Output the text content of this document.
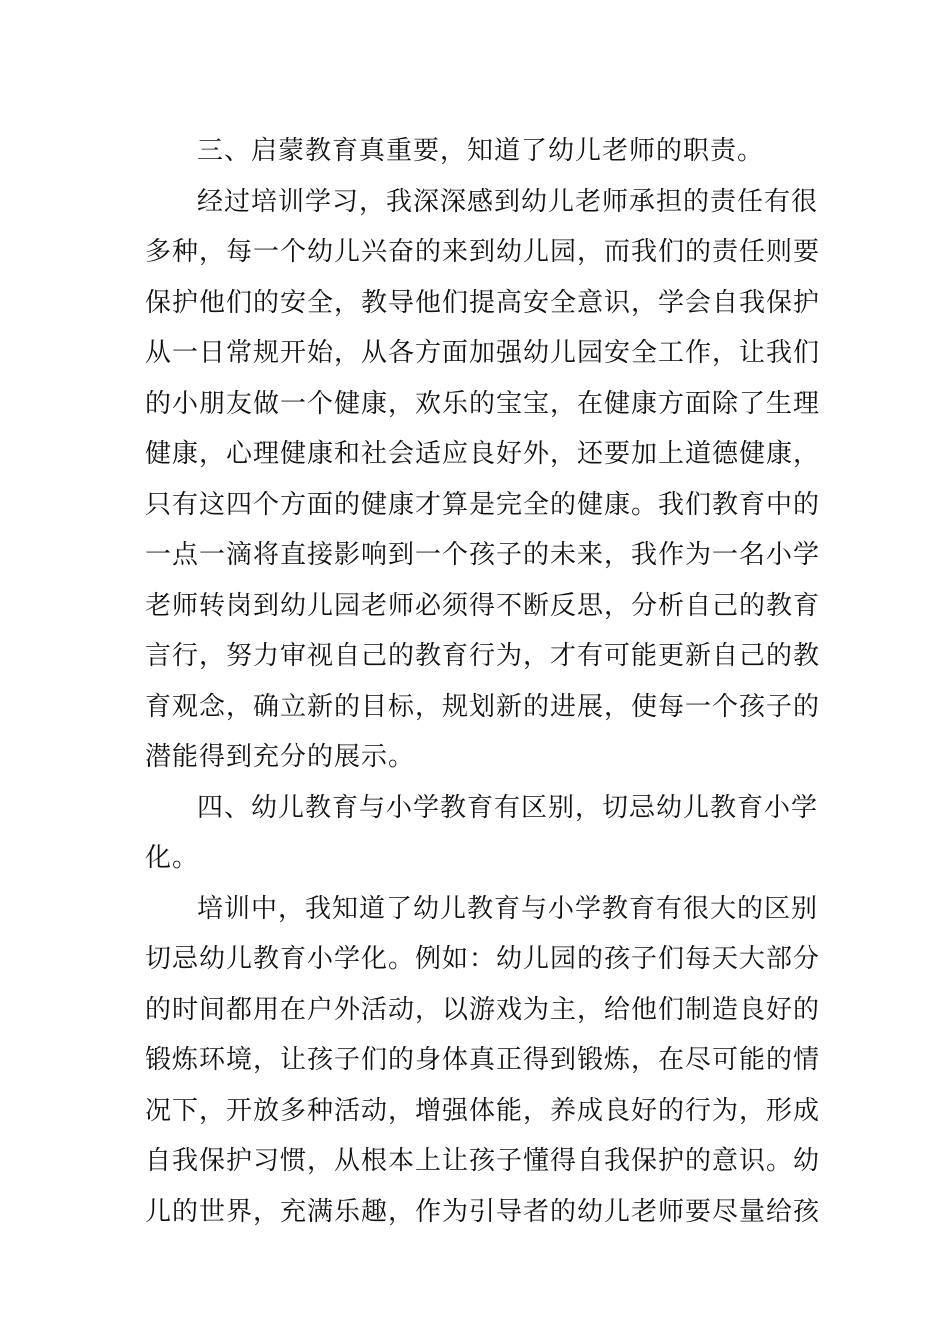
三、启蒙教育真重要，知道了幼儿老师的职责。
经过培训学习，我深深感到幼儿老师承担的责任有很
多种，每一个幼儿兴奋的来到幼儿园，而我们的责任则要
保护他们的安全，教导他们提高安全意识，学会自我保护
从一日常规开始，从各方面加强幼儿园安全工作，让我们
的小朋友做一个健康，欢乐的宝宝，在健康方面除了生理
健康，心理健康和社会适应良好外，还要加上道德健康，
只有这四个方面的健康才算是完全的健康。我们教育中的
一点一滴将直接影响到一个孩子的未来，我作为一名小学
老师转岗到幼儿园老师必须得不断反思，分析自己的教育
言行，努力审视自己的教育行为，才有可能更新自己的教
育观念，确立新的目标，规划新的进展，使每一个孩子的
潜能得到充分的展示。
四、幼儿教育与小学教育有区别，切忌幼儿教育小学
化。
培训中，我知道了幼儿教育与小学教育有很大的区别
切忌幼儿教育小学化。例如：幼儿园的孩子们每天大部分
的时间都用在户外活动，以游戏为主，给他们制造良好的
锻炼环境，让孩子们的身体真正得到锻炼，在尽可能的情
况下，开放多种活动，增强体能，养成良好的行为，形成
自我保护习惯，从根本上让孩子懂得自我保护的意识。幼
儿的世界，充满乐趣，作为引导者的幼儿老师要尽量给孩
